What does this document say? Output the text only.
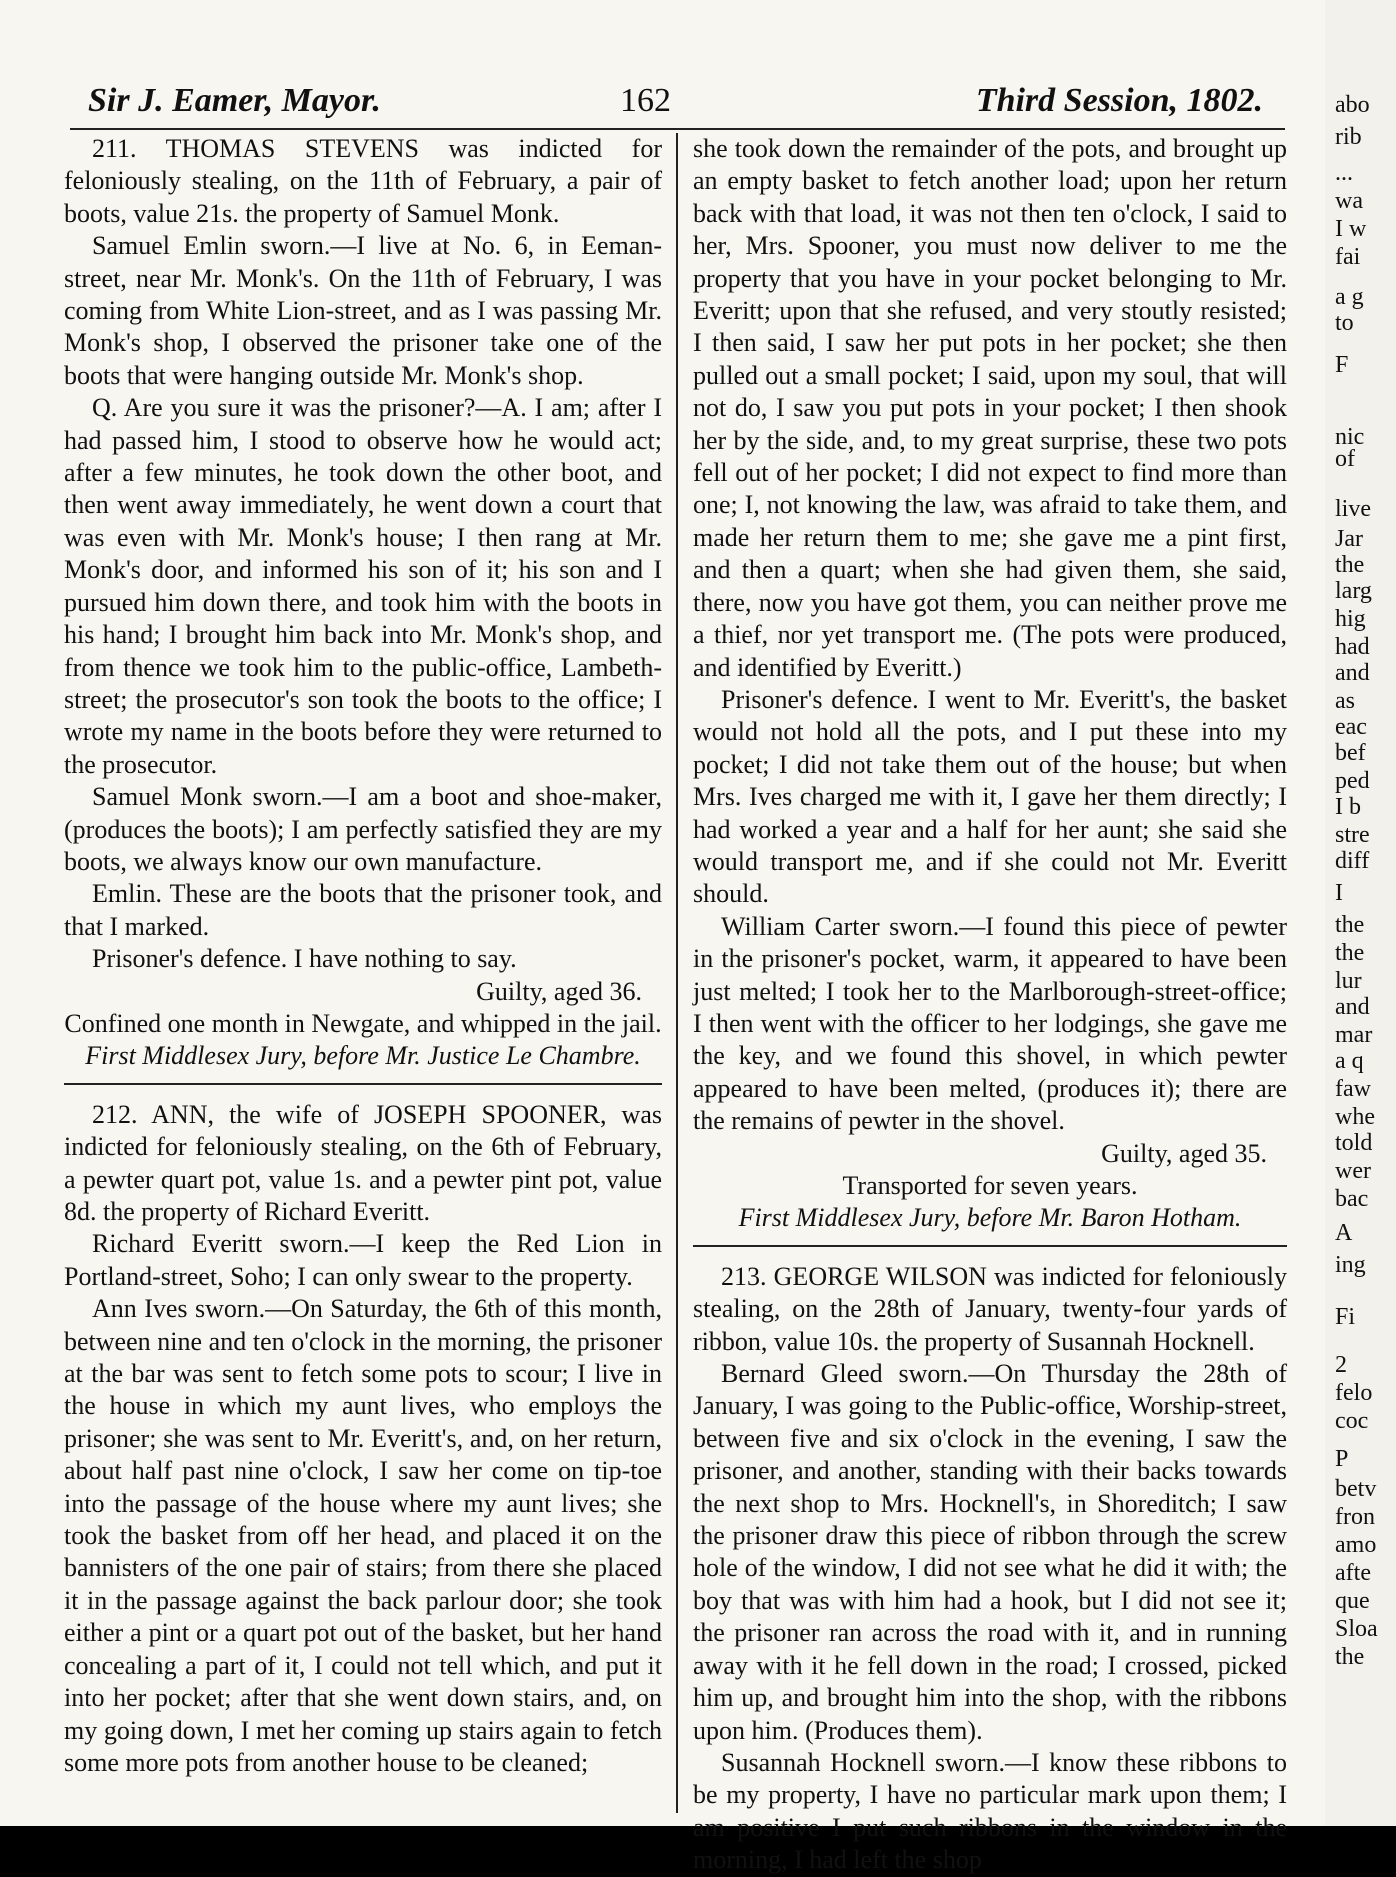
Sir J. Eamer, Mayor.	162	Third Session, 1802.

211. THOMAS STEVENS was indicted for feloniously stealing, on the 11th of February, a pair of boots, value 21s. the property of Samuel Monk.

Samuel Emlin sworn.—I live at No. 6, in Eeman-street, near Mr. Monk's. On the 11th of February, I was coming from White Lion-street, and as I was passing Mr. Monk's shop, I observed the prisoner take one of the boots that were hanging outside Mr. Monk's shop.

Q. Are you sure it was the prisoner?—A. I am; after I had passed him, I stood to observe how he would act; after a few minutes, he took down the other boot, and then went away immediately, he went down a court that was even with Mr. Monk's house; I then rang at Mr. Monk's door, and informed his son of it; his son and I pursued him down there, and took him with the boots in his hand; I brought him back into Mr. Monk's shop, and from thence we took him to the public-office, Lambeth-street; the prosecutor's son took the boots to the office; I wrote my name in the boots before they were returned to the prosecutor.

Samuel Monk sworn.—I am a boot and shoe-maker, (produces the boots); I am perfectly satisfied they are my boots, we always know our own manufacture.

Emlin. These are the boots that the prisoner took, and that I marked.

Prisoner's defence. I have nothing to say.

Guilty, aged 36.

Confined one month in Newgate, and whipped in the jail.

First Middlesex Jury, before Mr. Justice Le Chambre.

212. ANN, the wife of JOSEPH SPOONER, was indicted for feloniously stealing, on the 6th of February, a pewter quart pot, value 1s. and a pewter pint pot, value 8d. the property of Richard Everitt.

Richard Everitt sworn.—I keep the Red Lion in Portland-street, Soho; I can only swear to the property.

Ann Ives sworn.—On Saturday, the 6th of this month, between nine and ten o'clock in the morning, the prisoner at the bar was sent to fetch some pots to scour; I live in the house in which my aunt lives, who employs the prisoner; she was sent to Mr. Everitt's, and, on her return, about half past nine o'clock, I saw her come on tip-toe into the passage of the house where my aunt lives; she took the basket from off her head, and placed it on the bannisters of the one pair of stairs; from there she placed it in the passage against the back parlour door; she took either a pint or a quart pot out of the basket, but her hand concealing a part of it, I could not tell which, and put it into her pocket; after that she went down stairs, and, on my going down, I met her coming up stairs again to fetch some more pots from another house to be cleaned;

she took down the remainder of the pots, and brought up an empty basket to fetch another load; upon her return back with that load, it was not then ten o'clock, I said to her, Mrs. Spooner, you must now deliver to me the property that you have in your pocket belonging to Mr. Everitt; upon that she refused, and very stoutly resisted; I then said, I saw her put pots in her pocket; she then pulled out a small pocket; I said, upon my soul, that will not do, I saw you put pots in your pocket; I then shook her by the side, and, to my great surprise, these two pots fell out of her pocket; I did not expect to find more than one; I, not knowing the law, was afraid to take them, and made her return them to me; she gave me a pint first, and then a quart; when she had given them, she said, there, now you have got them, you can neither prove me a thief, nor yet transport me. (The pots were produced, and identified by Everitt.)

Prisoner's defence. I went to Mr. Everitt's, the basket would not hold all the pots, and I put these into my pocket; I did not take them out of the house; but when Mrs. Ives charged me with it, I gave her them directly; I had worked a year and a half for her aunt; she said she would transport me, and if she could not Mr. Everitt should.

William Carter sworn.—I found this piece of pewter in the prisoner's pocket, warm, it appeared to have been just melted; I took her to the Marlborough-street-office; I then went with the officer to her lodgings, she gave me the key, and we found this shovel, in which pewter appeared to have been melted, (produces it); there are the remains of pewter in the shovel.

Guilty, aged 35.

Transported for seven years.

First Middlesex Jury, before Mr. Baron Hotham.

213. GEORGE WILSON was indicted for feloniously stealing, on the 28th of January, twenty-four yards of ribbon, value 10s. the property of Susannah Hocknell.

Bernard Gleed sworn.—On Thursday the 28th of January, I was going to the Public-office, Worship-street, between five and six o'clock in the evening, I saw the prisoner, and another, standing with their backs towards the next shop to Mrs. Hocknell's, in Shoreditch; I saw the prisoner draw this piece of ribbon through the screw hole of the window, I did not see what he did it with; the boy that was with him had a hook, but I did not see it; the prisoner ran across the road with it, and in running away with it he fell down in the road; I crossed, picked him up, and brought him into the shop, with the ribbons upon him. (Produces them).

Susannah Hocknell sworn.—I know these ribbons to be my property, I have no particular mark upon them; I am positive I put such ribbons in the window in the morning, I had left the shop

abo
rib
...
wa
I w
fai
a g
to
F
nic
of
live
Jar
the
larg
hig
had
and
as
eac
bef
ped
I b
stre
diff
I
the
the
lur
and
mar
a q
faw
whe
told
wer
bac
A
ing
Fi
2
felo
coc
P
betv
fron
amo
afte
que
Sloa
the
